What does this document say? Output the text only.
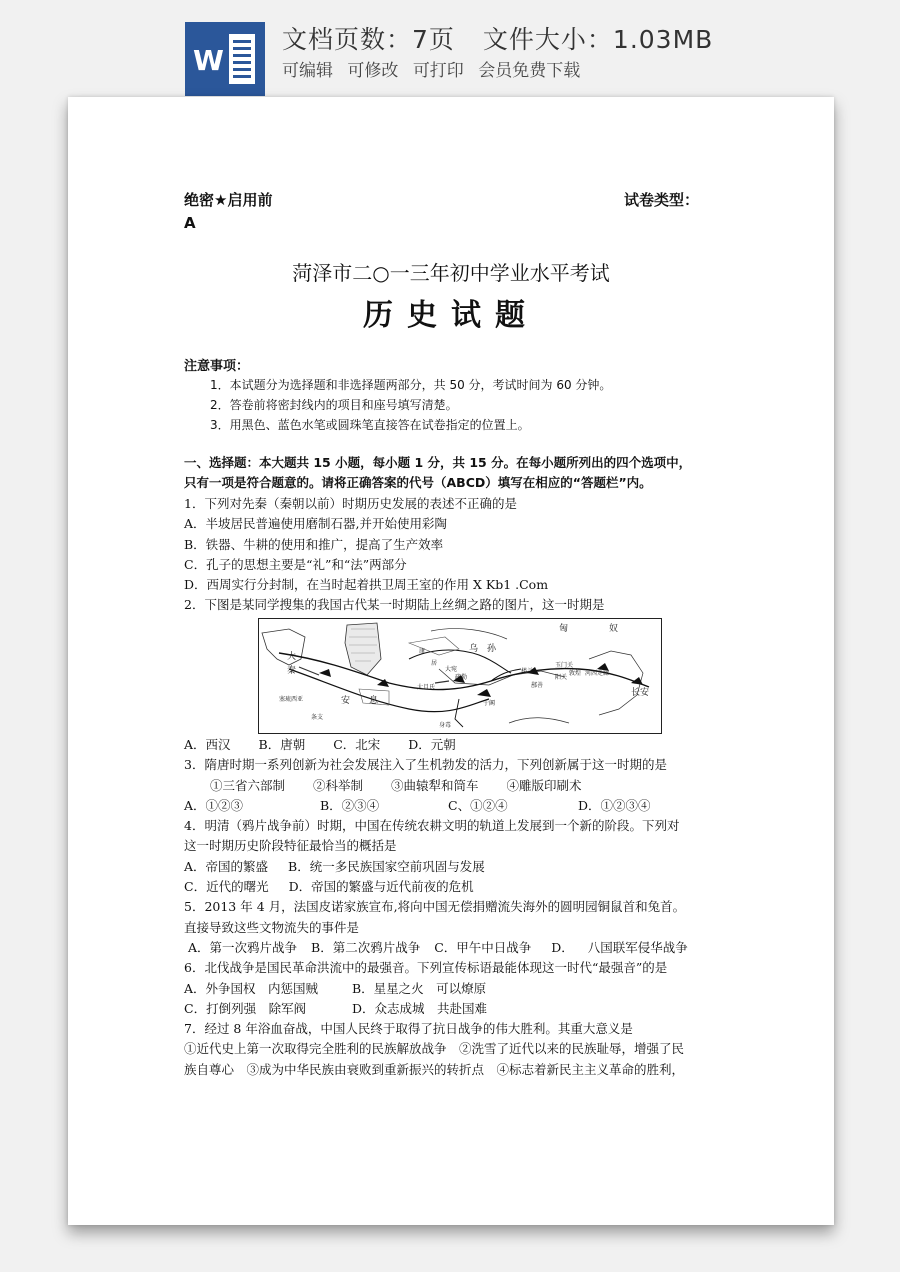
W
文档页数：7页 文件大小：1.03MB
可编辑 可修改 可打印 会员免费下载
绝密★启用前	试卷类型：
A
菏泽市二○一三年初中学业水平考试
历史试题
注意事项：
1．本试题分为选择题和非选择题两部分，共 50 分，考试时间为 60 分钟。
2．答卷前将密封线内的项目和座号填写清楚。
3．用黑色、蓝色水笔或圆珠笔直接答在试卷指定的位置上。
一、选择题：本大题共 15 小题，每小题 1 分，共 15 分。在每小题所列出的四个选项中，
只有一项是符合题意的。请将正确答案的代号（ABCD）填写在相应的“答题栏”内。
1．下列对先秦（秦朝以前）时期历史发展的表述不正确的是
A．半坡居民普遍使用磨制石器,并开始使用彩陶
B．铁器、牛耕的使用和推广，提高了生产效率
C．孔子的思想主要是“礼”和“法”两部分
D．西周实行分封制，在当时起着拱卫周王室的作用 X Kb1 .Com
2．下图是某同学搜集的我国古代某一时期陆上丝绸之路的图片，这一时期是
匈	奴
大
秦
康
居
乌 孙
大宛
疏勒
玉门关
敦煌
阳关
楼兰	河西走廊
鄯善
大月氏
于阗
安 息
身毒
条支
塞琉西亚
长安
A．西汉 B．唐朝 C．北宋 D．元朝
3．隋唐时期一系列创新为社会发展注入了生机勃发的活力，下列创新属于这一时期的是
①三省六部制 ②科举制 ③曲辕犁和筒车 ④雕版印刷术
A．①②③	B．②③④	C、①②④	D．①②③④
4．明清（鸦片战争前）时期，中国在传统农耕文明的轨道上发展到一个新的阶段。下列对
这一时期历史阶段特征最恰当的概括是
A．帝国的繁盛 B．统一多民族国家空前巩固与发展
C．近代的曙光 D．帝国的繁盛与近代前夜的危机
5．2013 年 4 月，法国皮诺家族宣布,将向中国无偿捐赠流失海外的圆明园铜鼠首和兔首。
直接导致这些文物流失的事件是
A．第一次鸦片战争 B．第二次鸦片战争 C．甲午中日战争 D． 八国联军侵华战争
6．北伐战争是国民革命洪流中的最强音。下列宣传标语最能体现这一时代“最强音”的是
A．外争国权　内惩国贼	B．星星之火　可以燎原
C．打倒列强　除军阀	D．众志成城　共赴国难
7．经过 8 年浴血奋战，中国人民终于取得了抗日战争的伟大胜利。其重大意义是
①近代史上第一次取得完全胜利的民族解放战争　②洗雪了近代以来的民族耻辱，增强了民
族自尊心　③成为中华民族由衰败到重新振兴的转折点　④标志着新民主主义革命的胜利，
